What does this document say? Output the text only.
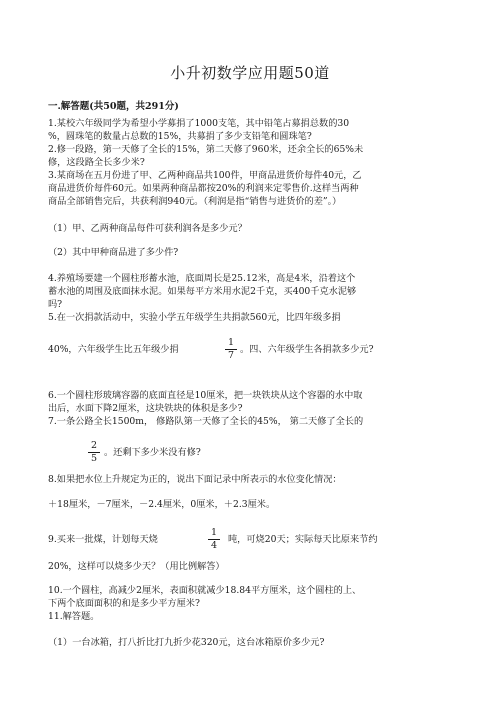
小升初数学应用题50道
一.解答题(共50题，共291分)
1.某校六年级同学为希望小学募捐了1000支笔，其中铅笔占募捐总数的30
%，圆珠笔的数量占总数的15%，共募捐了多少支铅笔和圆珠笔?
2.修一段路，第一天修了全长的15%，第二天修了960米，还余全长的65%未
修，这段路全长多少米?
3.某商场在五月份进了甲、乙两种商品共100件，甲商品进货价每件40元，乙
商品进货价每件60元。如果两种商品都按20%的利润来定零售价.这样当两种
商品全部销售完后，共获利润940元。（利润是指“销售与进货价的差”。）
（1）甲、乙两种商品每件可获利润各是多少元？
（2）其中甲种商品进了多少件?
4.养殖场要建一个圆柱形蓄水池，底面周长是25.12米，高是4米，沿着这个
蓄水池的周围及底面抹水泥。如果每平方米用水泥2千克，买400千克水泥够
吗?
5.在一次捐款活动中，实验小学五年级学生共捐款560元，比四年级多捐
40%，六年级学生比五年级少捐	$\frac{1}{7}$ 。四、六年级学生各捐款多少元?
6.一个圆柱形玻璃容器的底面直径是10厘米，把一块铁块从这个容器的水中取
出后，水面下降2厘米，这块铁块的体积是多少?
7.一条公路全长1500m， 修路队第一天修了全长的45%， 第二天修了全长的
$\frac{2}{5}$ 。还剩下多少米没有修?
8.如果把水位上升规定为正的，说出下面记录中所表示的水位变化情况：
＋18厘米，－7厘米，－2.4厘米，0厘米，＋2.3厘米。
9.买来一批煤，计划每天烧	$\frac{1}{4}$ 吨，可烧20天；实际每天比原来节约
20%，这样可以烧多少天？（用比例解答）
10.一个圆柱，高减少2厘米，表面积就减少18.84平方厘米，这个圆柱的上、
下两个底面面积的和是多少平方厘米?
11.解答题。
（1）一台冰箱，打八折比打九折少花320元，这台冰箱原价多少元?
